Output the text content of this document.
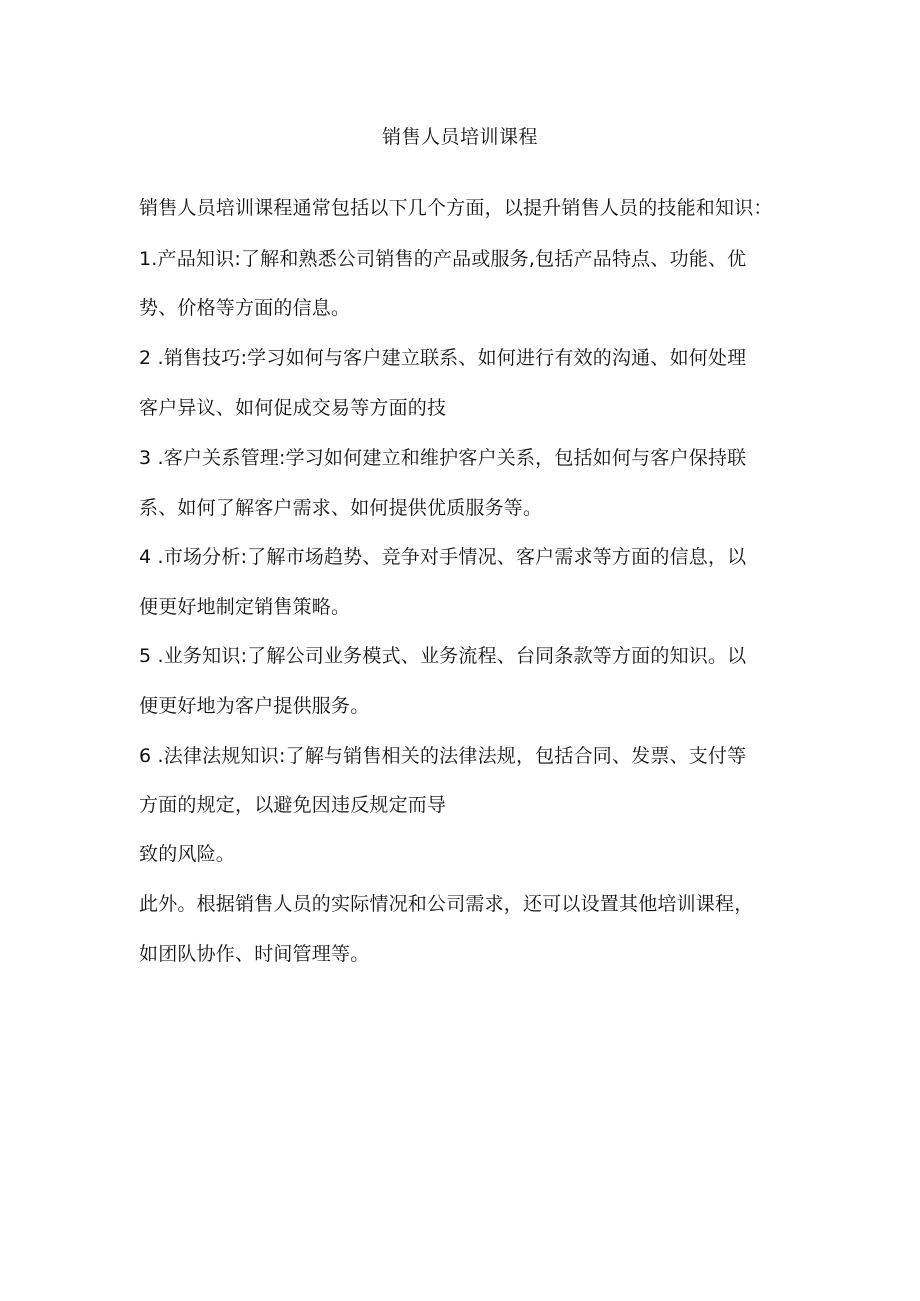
销售人员培训课程
销售人员培训课程通常包括以下几个方面，以提升销售人员的技能和知识：
1.产品知识:了解和熟悉公司销售的产品或服务,包括产品特点、功能、优
势、价格等方面的信息。
2 .销售技巧:学习如何与客户建立联系、如何进行有效的沟通、如何处理
客户异议、如何促成交易等方面的技
3 .客户关系管理:学习如何建立和维护客户关系，包括如何与客户保持联
系、如何了解客户需求、如何提供优质服务等。
4 .市场分析:了解市场趋势、竞争对手情况、客户需求等方面的信息，以
便更好地制定销售策略。
5 .业务知识:了解公司业务模式、业务流程、台同条款等方面的知识。以
便更好地为客户提供服务。
6 .法律法规知识:了解与销售相关的法律法规，包括合同、发票、支付等
方面的规定，以避免因违反规定而导
致的风险。
此外。根据销售人员的实际情况和公司需求，还可以设置其他培训课程，
如团队协作、时间管理等。
